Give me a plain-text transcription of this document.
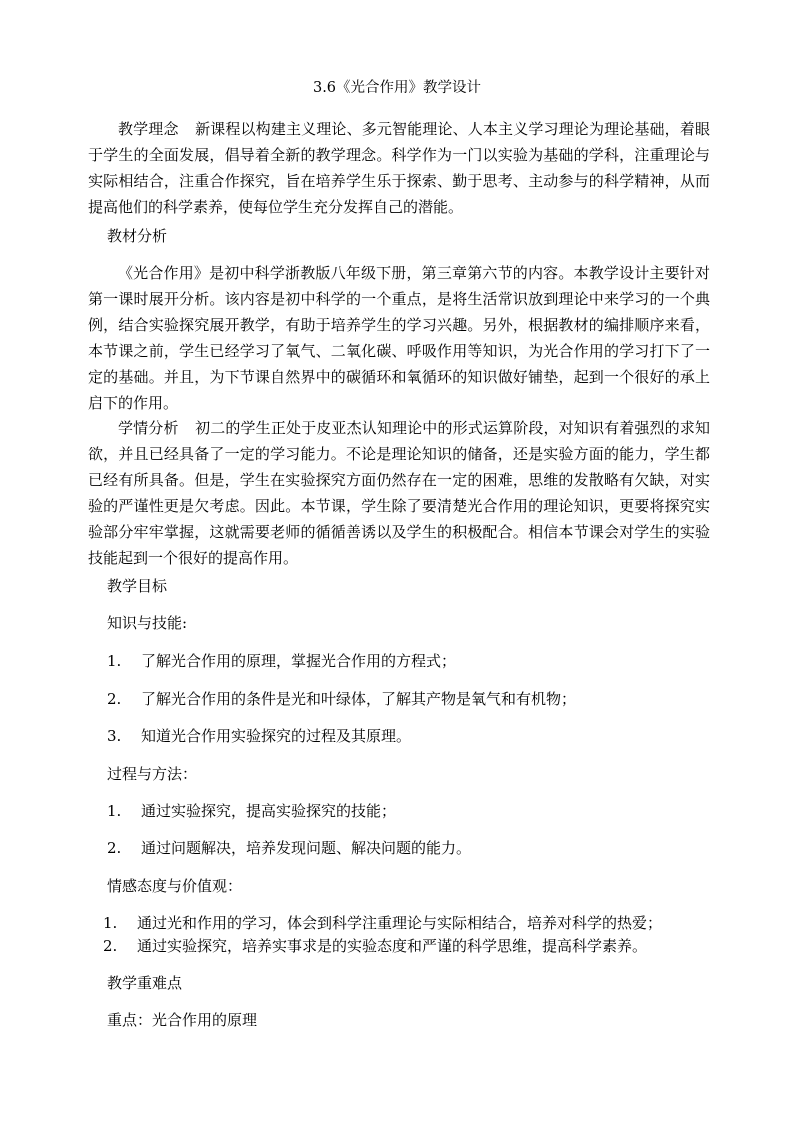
3.6《光合作用》教学设计

教学理念 新课程以构建主义理论、多元智能理论、人本主义学习理论为理论基础，着眼于学生的全面发展，倡导着全新的教学理念。科学作为一门以实验为基础的学科，注重理论与实际相结合，注重合作探究，旨在培养学生乐于探索、勤于思考、主动参与的科学精神，从而提高他们的科学素养，使每位学生充分发挥自己的潜能。

教材分析

《光合作用》是初中科学浙教版八年级下册，第三章第六节的内容。本教学设计主要针对第一课时展开分析。该内容是初中科学的一个重点，是将生活常识放到理论中来学习的一个典例，结合实验探究展开教学，有助于培养学生的学习兴趣。另外，根据教材的编排顺序来看，本节课之前，学生已经学习了氧气、二氧化碳、呼吸作用等知识，为光合作用的学习打下了一定的基础。并且，为下节课自然界中的碳循环和氧循环的知识做好铺垫，起到一个很好的承上启下的作用。

学情分析 初二的学生正处于皮亚杰认知理论中的形式运算阶段，对知识有着强烈的求知欲，并且已经具备了一定的学习能力。不论是理论知识的储备，还是实验方面的能力，学生都已经有所具备。但是，学生在实验探究方面仍然存在一定的困难，思维的发散略有欠缺，对实验的严谨性更是欠考虑。因此。本节课，学生除了要清楚光合作用的理论知识，更要将探究实验部分牢牢掌握，这就需要老师的循循善诱以及学生的积极配合。相信本节课会对学生的实验技能起到一个很好的提高作用。

教学目标

知识与技能:

1. 了解光合作用的原理，掌握光合作用的方程式；

2. 了解光合作用的条件是光和叶绿体，了解其产物是氧气和有机物；

3. 知道光合作用实验探究的过程及其原理。

过程与方法：

1. 通过实验探究，提高实验探究的技能；

2. 通过问题解决，培养发现问题、解决问题的能力。

情感态度与价值观：

1. 通过光和作用的学习，体会到科学注重理论与实际相结合，培养对科学的热爱；

2. 通过实验探究，培养实事求是的实验态度和严谨的科学思维，提高科学素养。

教学重难点

重点：光合作用的原理
